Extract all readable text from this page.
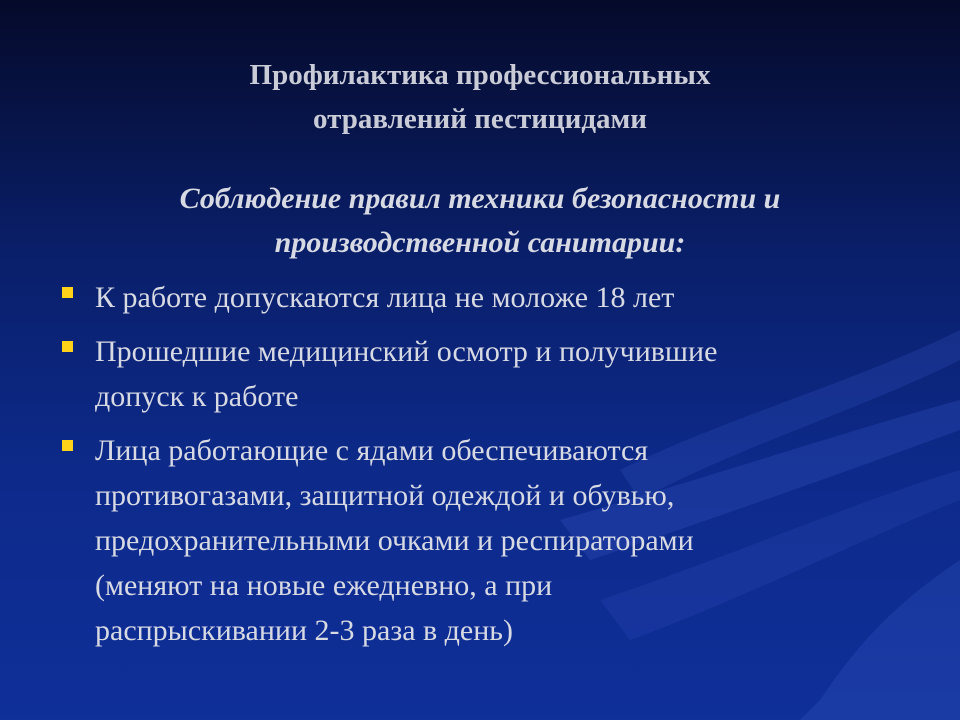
Профилактика профессиональных
отравлений пестицидами
Соблюдение правил техники безопасности и
производственной санитарии:
К работе допускаются лица не моложе 18 лет
Прошедшие медицинский осмотр и получившие
допуск к работе
Лица работающие с ядами обеспечиваются
противогазами, защитной одеждой и обувью,
предохранительными очками и респираторами
(меняют на новые ежедневно, а при
распрыскивании 2-3 раза в день)
